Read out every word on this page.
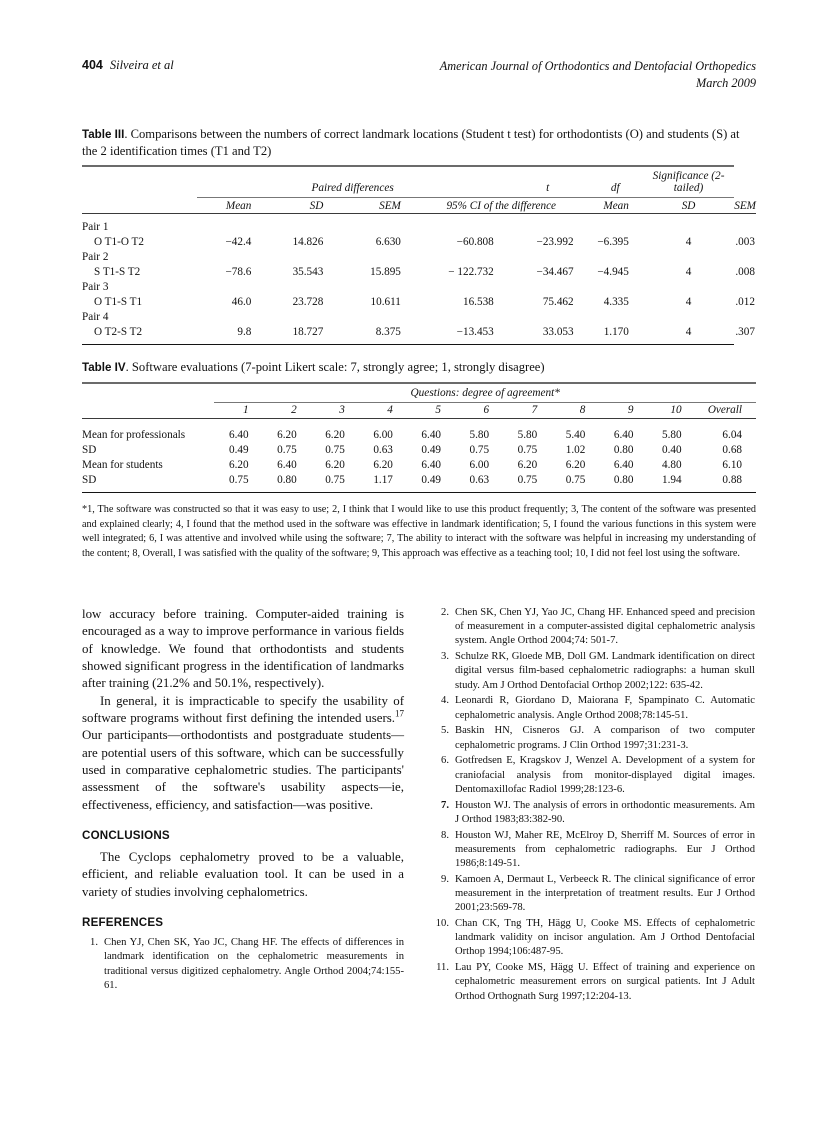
404 Silveira et al	American Journal of Orthodontics and Dentofacial Orthopedics
March 2009
Table III. Comparisons between the numbers of correct landmark locations (Student t test) for orthodontists (O) and students (S) at the 2 identification times (T1 and T2)

	Paired differences				t	df	Significance (2-tailed)	
	Mean	SD	SEM	95% CI of the difference		Mean	SD	SEM

Pair 1								
O T1-O T2	−42.4	14.826	6.630	−60.808	−23.992	−6.395	4	.003
Pair 2								
S T1-S T2	−78.6	35.543	15.895	− 122.732	−34.467	−4.945	4	.008
Pair 3								
O T1-S T1	46.0	23.728	10.611	16.538	75.462	4.335	4	.012
Pair 4								
O T2-S T2	9.8	18.727	8.375	−13.453	33.053	1.170	4	.307

Table IV. Software evaluations (7-point Likert scale: 7, strongly agree; 1, strongly disagree)

	Questions: degree of agreement*										
	1	2	3	4	5	6	7	8	9	10	Overall

Mean for professionals	6.40	6.20	6.20	6.00	6.40	5.80	5.80	5.40	6.40	5.80	6.04
SD	0.49	0.75	0.75	0.63	0.49	0.75	0.75	1.02	0.80	0.40	0.68
Mean for students	6.20	6.40	6.20	6.20	6.40	6.00	6.20	6.20	6.40	4.80	6.10
SD	0.75	0.80	0.75	1.17	0.49	0.63	0.75	0.75	0.80	1.94	0.88

*1, The software was constructed so that it was easy to use; 2, I think that I would like to use this product frequently; 3, The content of the software was presented and explained clearly; 4, I found that the method used in the software was effective in landmark identification; 5, I found the various functions in this system were well integrated; 6, I was attentive and involved while using the software; 7, The ability to interact with the software was helpful in increasing my understanding of the content; 8, Overall, I was satisfied with the quality of the software; 9, This approach was effective as a teaching tool; 10, I did not feel lost using the software.

low accuracy before training. Computer-aided training is encouraged as a way to improve performance in various fields of knowledge. We found that orthodontists and students showed significant progress in the identification of landmarks after training (21.2% and 50.1%, respectively).

In general, it is impracticable to specify the usability of software programs without first defining the intended users.$^{17}$ Our participants—orthodontists and postgraduate students—are potential users of this software, which can be successfully used in comparative cephalometric studies. The participants' assessment of the software's usability aspects—ie, effectiveness, efficiency, and satisfaction—was positive.

CONCLUSIONS

The Cyclops cephalometry proved to be a valuable, efficient, and reliable evaluation tool. It can be used in a variety of studies involving cephalometrics.

REFERENCES
1. Chen YJ, Chen SK, Yao JC, Chang HF. The effects of differences in landmark identification on the cephalometric measurements in traditional versus digitized cephalometry. Angle Orthod 2004;74:155-61.
2. Chen SK, Chen YJ, Yao JC, Chang HF. Enhanced speed and precision of measurement in a computer-assisted digital cephalometric analysis system. Angle Orthod 2004;74: 501-7.
3. Schulze RK, Gloede MB, Doll GM. Landmark identification on direct digital versus film-based cephalometric radiographs: a human skull study. Am J Orthod Dentofacial Orthop 2002;122: 635-42.
4. Leonardi R, Giordano D, Maiorana F, Spampinato C. Automatic cephalometric analysis. Angle Orthod 2008;78:145-51.
5. Baskin HN, Cisneros GJ. A comparison of two computer cephalometric programs. J Clin Orthod 1997;31:231-3.
6. Gotfredsen E, Kragskov J, Wenzel A. Development of a system for craniofacial analysis from monitor-displayed digital images. Dentomaxillofac Radiol 1999;28:123-6.
7. Houston WJ. The analysis of errors in orthodontic measurements. Am J Orthod 1983;83:382-90.
8. Houston WJ, Maher RE, McElroy D, Sherriff M. Sources of error in measurements from cephalometric radiographs. Eur J Orthod 1986;8:149-51.
9. Kamoen A, Dermaut L, Verbeeck R. The clinical significance of error measurement in the interpretation of treatment results. Eur J Orthod 2001;23:569-78.
10. Chan CK, Tng TH, Hägg U, Cooke MS. Effects of cephalometric landmark validity on incisor angulation. Am J Orthod Dentofacial Orthop 1994;106:487-95.
11. Lau PY, Cooke MS, Hägg U. Effect of training and experience on cephalometric measurement errors on surgical patients. Int J Adult Orthod Orthognath Surg 1997;12:204-13.
